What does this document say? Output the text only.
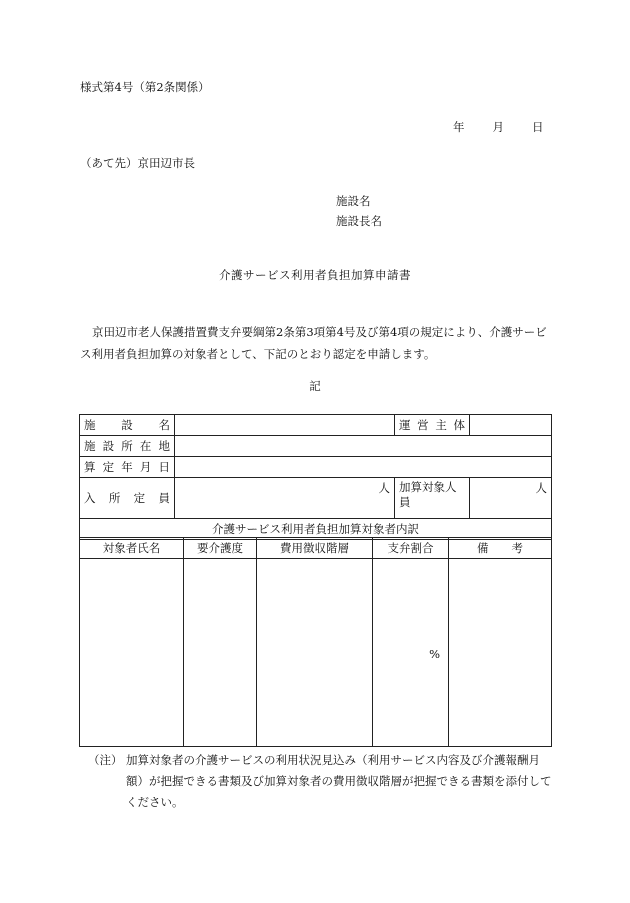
様式第4号（第2条関係）
年 月 日
（あて先）京田辺市長
施設名
施設長名
介護サービス利用者負担加算申請書
京田辺市老人保護措置費支弁要綱第2条第3項第4号及び第4項の規定により、介護サービス利用者負担加算の対象者として、下記のとおり認定を申請します。
記
施　設　名		運営主体	
施設所在地			
算定年月日			
入　所　定　員	人	加算対象人員	人
介護サービス利用者負担加算対象者内訳			
対象者氏名	要介護度	費用徴収階層	支弁割合	備　　考
			%	
（注） 加算対象者の介護サービスの利用状況見込み（利用サービス内容及び介護報酬月額）が把握できる書類及び加算対象者の費用徴収階層が把握できる書類を添付してください。
